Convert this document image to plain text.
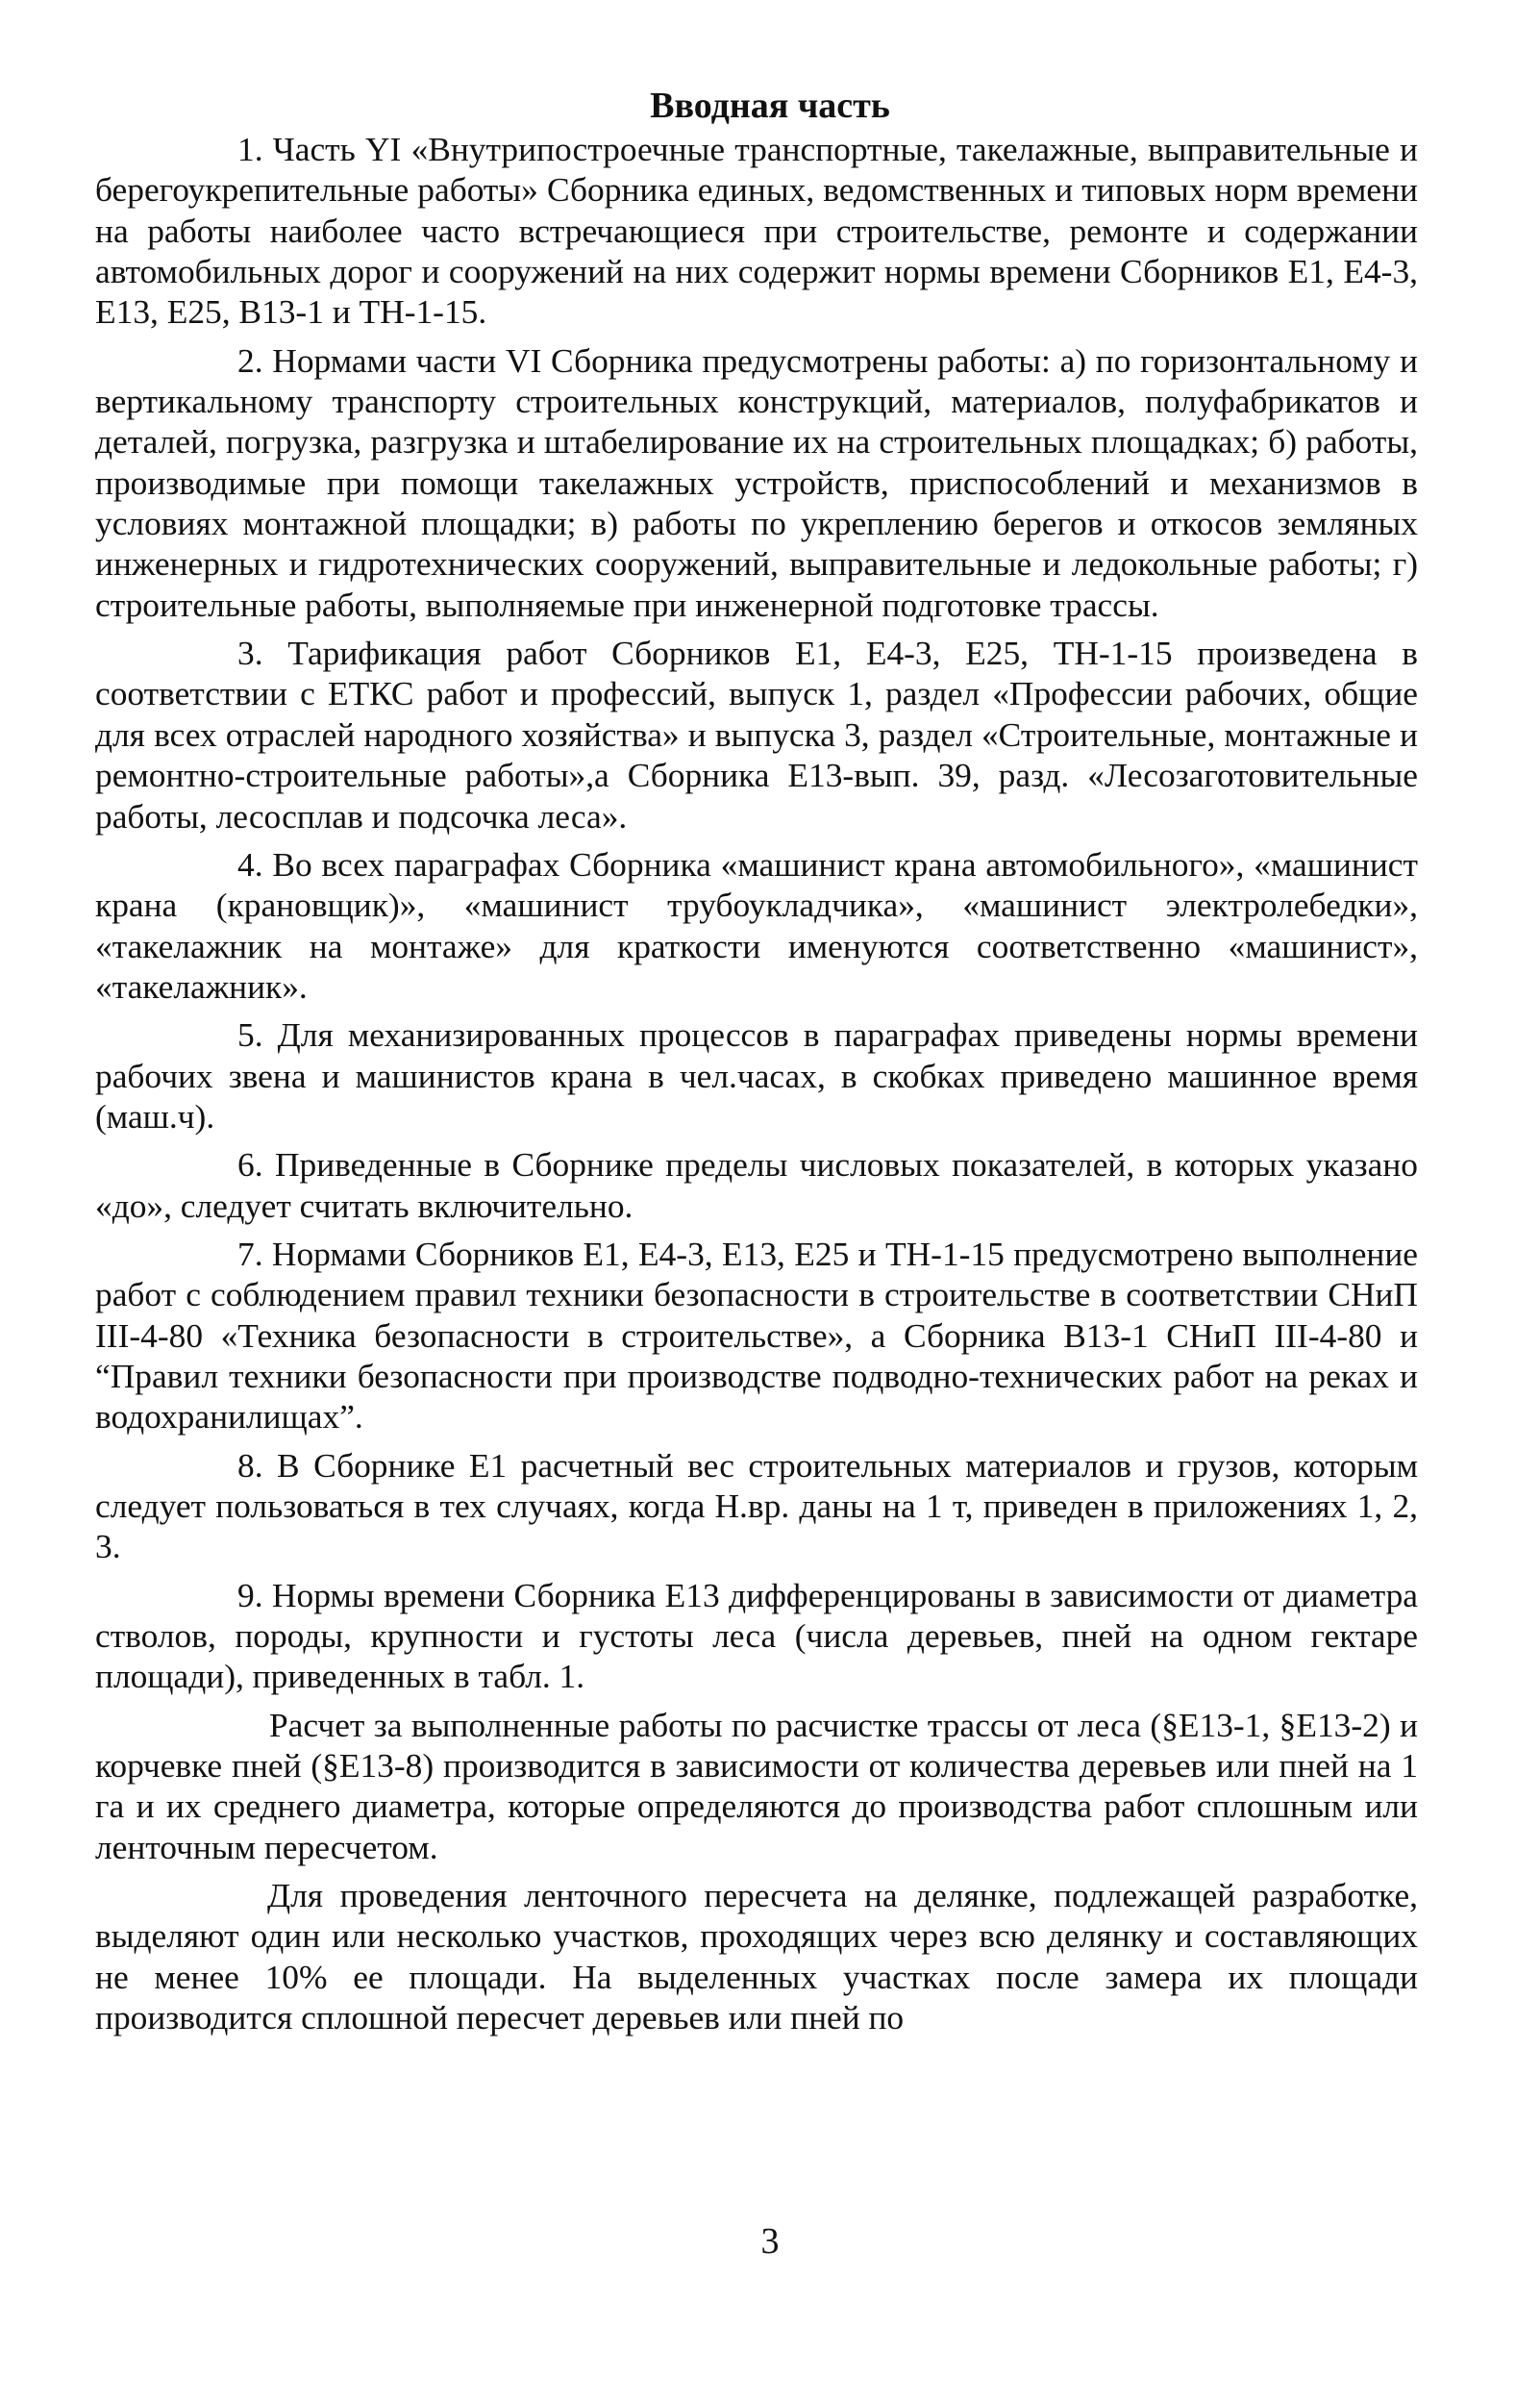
Вводная часть

1. Часть YI «Внутрипостроечные транспортные, такелажные, выправительные и берегоукрепительные работы» Сборника единых, ведомственных и типовых норм времени на работы наиболее часто встречающиеся при строительстве, ремонте и содержании автомобильных дорог и сооружений на них содержит нормы времени Сборников Е1, Е4-3, Е13, Е25, В13-1 и ТН-1-15.

2. Нормами части VI Сборника предусмотрены работы: а) по горизонтальному и вертикальному транспорту строительных конструкций, материалов, полуфабрикатов и деталей, погрузка, разгрузка и штабелирование их на строительных площадках; б) работы, производимые при помощи такелажных устройств, приспособлений и механизмов в условиях монтажной площадки; в) работы по укреплению берегов и откосов земляных инженерных и гидротехнических сооружений, выправительные и ледокольные работы; г) строительные работы, выполняемые при инженерной подготовке трассы.

3. Тарификация работ Сборников Е1, Е4-3, Е25, ТН-1-15 произведена в соответствии с ЕТКС работ и профессий, выпуск 1, раздел «Профессии рабочих, общие для всех отраслей народного хозяйства» и выпуска 3, раздел «Строительные, монтажные и ремонтно-строительные работы»,а Сборника Е13-вып. 39, разд. «Лесозаготовительные работы, лесосплав и подсочка леса».

4. Во всех параграфах Сборника «машинист крана автомобильного», «машинист крана (крановщик)», «машинист трубоукладчика», «машинист электролебедки», «такелажник на монтаже» для краткости именуются соответственно «машинист», «такелажник».

5. Для механизированных процессов в параграфах приведены нормы времени рабочих звена и машинистов крана в чел.часах, в скобках приведено машинное время (маш.ч).

6. Приведенные в Сборнике пределы числовых показателей, в которых указано «до», следует считать включительно.

7. Нормами Сборников Е1, Е4-3, Е13, Е25 и ТН-1-15 предусмотрено выполнение работ с соблюдением правил техники безопасности в строительстве в соответствии СНиП III-4-80 «Техника безопасности в строительстве», а Сборника В13-1 СНиП III-4-80 и “Правил техники безопасности при производстве подводно-технических работ на реках и водохранилищах”.

8. В Сборнике Е1 расчетный вес строительных материалов и грузов, которым следует пользоваться в тех случаях, когда Н.вр. даны на 1 т, приведен в приложениях 1, 2, 3.

9. Нормы времени Сборника Е13 дифференцированы в зависимости от диаметра стволов, породы, крупности и густоты леса (числа деревьев, пней на одном гектаре площади), приведенных в табл. 1.

Расчет за выполненные работы по расчистке трассы от леса (§Е13-1, §Е13-2) и корчевке пней (§Е13-8) производится в зависимости от количества деревьев или пней на 1 га и их среднего диаметра, которые определяются до производства работ сплошным или ленточным пересчетом.

Для проведения ленточного пересчета на делянке, подлежащей разработке, выделяют один или несколько участков, проходящих через всю делянку и составляющих не менее 10% ее площади. На выделенных участках после замера их площади производится сплошной пересчет деревьев или пней по

3
